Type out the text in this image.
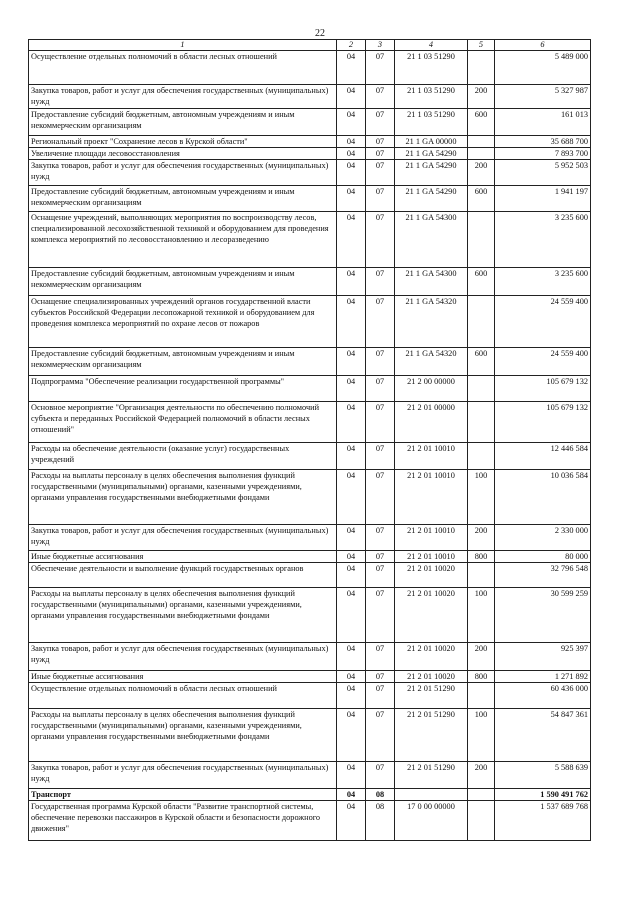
22
1	2	3	4	5	6
Осуществление отдельных полномочий в области лесных отношений	04	07	21 1 03 51290		5 489 000
Закупка товаров, работ и услуг для обеспечения государственных (муниципальных) нужд	04	07	21 1 03 51290	200	5 327 987
Предоставление субсидий бюджетным, автономным учреждениям и иным некоммерческим организациям	04	07	21 1 03 51290	600	161 013
Региональный проект "Сохранение лесов в Курской области"	04	07	21 1 GA 00000		35 688 700
Увеличение площади лесовосстановления	04	07	21 1 GA 54290		7 893 700
Закупка товаров, работ и услуг для обеспечения государственных (муниципальных) нужд	04	07	21 1 GA 54290	200	5 952 503
Предоставление субсидий бюджетным, автономным учреждениям и иным некоммерческим организациям	04	07	21 1 GA 54290	600	1 941 197
Оснащение учреждений, выполняющих мероприятия по воспроизводству лесов, специализированной лесохозяйственной техникой и оборудованием для проведения комплекса мероприятий по лесовосстановлению и лесоразведению	04	07	21 1 GA 54300		3 235 600
Предоставление субсидий бюджетным, автономным учреждениям и иным некоммерческим организациям	04	07	21 1 GA 54300	600	3 235 600
Оснащение специализированных учреждений органов государственной власти субъектов Российской Федерации лесопожарной техникой и оборудованием для проведения комплекса мероприятий по охране лесов от пожаров	04	07	21 1 GA 54320		24 559 400
Предоставление субсидий бюджетным, автономным учреждениям и иным некоммерческим организациям	04	07	21 1 GA 54320	600	24 559 400
Подпрограмма "Обеспечение реализации государственной программы"	04	07	21 2 00 00000		105 679 132
Основное мероприятие "Организация деятельности по обеспечению полномочий субъекта и переданных Российской Федерацией полномочий в области лесных отношений"	04	07	21 2 01 00000		105 679 132
Расходы на обеспечение деятельности (оказание услуг) государственных учреждений	04	07	21 2 01 10010		12 446 584
Расходы на выплаты персоналу в целях обеспечения выполнения функций государственными (муниципальными) органами, казенными учреждениями, органами управления государственными внебюджетными фондами	04	07	21 2 01 10010	100	10 036 584
Закупка товаров, работ и услуг для обеспечения государственных (муниципальных) нужд	04	07	21 2 01 10010	200	2 330 000
Иные бюджетные ассигнования	04	07	21 2 01 10010	800	80 000
Обеспечение деятельности и выполнение функций государственных органов	04	07	21 2 01 10020		32 796 548
Расходы на выплаты персоналу в целях обеспечения выполнения функций государственными (муниципальными) органами, казенными учреждениями, органами управления государственными внебюджетными фондами	04	07	21 2 01 10020	100	30 599 259
Закупка товаров, работ и услуг для обеспечения государственных (муниципальных) нужд	04	07	21 2 01 10020	200	925 397
Иные бюджетные ассигнования	04	07	21 2 01 10020	800	1 271 892
Осуществление отдельных полномочий в области лесных отношений	04	07	21 2 01 51290		60 436 000
Расходы на выплаты персоналу в целях обеспечения выполнения функций государственными (муниципальными) органами, казенными учреждениями, органами управления государственными внебюджетными фондами	04	07	21 2 01 51290	100	54 847 361
Закупка товаров, работ и услуг для обеспечения государственных (муниципальных) нужд	04	07	21 2 01 51290	200	5 588 639
Транспорт	04	08			1 590 491 762
Государственная программа Курской области "Развитие транспортной системы, обеспечение перевозки пассажиров в Курской области и безопасности дорожного движения"	04	08	17 0 00 00000		1 537 689 768
